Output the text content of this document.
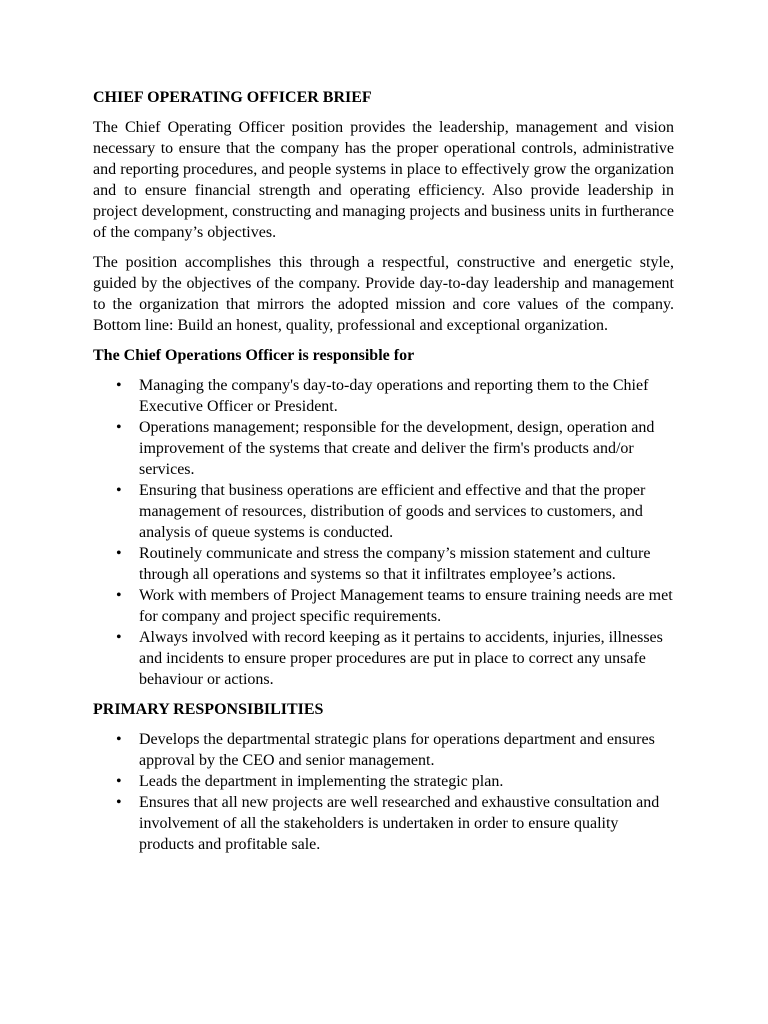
CHIEF OPERATING OFFICER BRIEF

The Chief Operating Officer position provides the leadership, management and vision necessary to ensure that the company has the proper operational controls, administrative and reporting procedures, and people systems in place to effectively grow the organization and to ensure financial strength and operating efficiency. Also provide leadership in project development, constructing and managing projects and business units in furtherance of the company’s objectives.

The position accomplishes this through a respectful, constructive and energetic style, guided by the objectives of the company. Provide day-to-day leadership and management to the organization that mirrors the adopted mission and core values of the company. Bottom line: Build an honest, quality, professional and exceptional organization.

The Chief Operations Officer is responsible for
• Managing the company's day-to-day operations and reporting them to the Chief Executive Officer or President.
• Operations management; responsible for the development, design, operation and improvement of the systems that create and deliver the firm's products and/or services.
• Ensuring that business operations are efficient and effective and that the proper management of resources, distribution of goods and services to customers, and analysis of queue systems is conducted.
• Routinely communicate and stress the company’s mission statement and culture through all operations and systems so that it infiltrates employee’s actions.
• Work with members of Project Management teams to ensure training needs are met for company and project specific requirements.
• Always involved with record keeping as it pertains to accidents, injuries, illnesses and incidents to ensure proper procedures are put in place to correct any unsafe behaviour or actions.
PRIMARY RESPONSIBILITIES
• Develops the departmental strategic plans for operations department and ensures approval by the CEO and senior management.
• Leads the department in implementing the strategic plan.
• Ensures that all new projects are well researched and exhaustive consultation and involvement of all the stakeholders is undertaken in order to ensure quality products and profitable sale.
